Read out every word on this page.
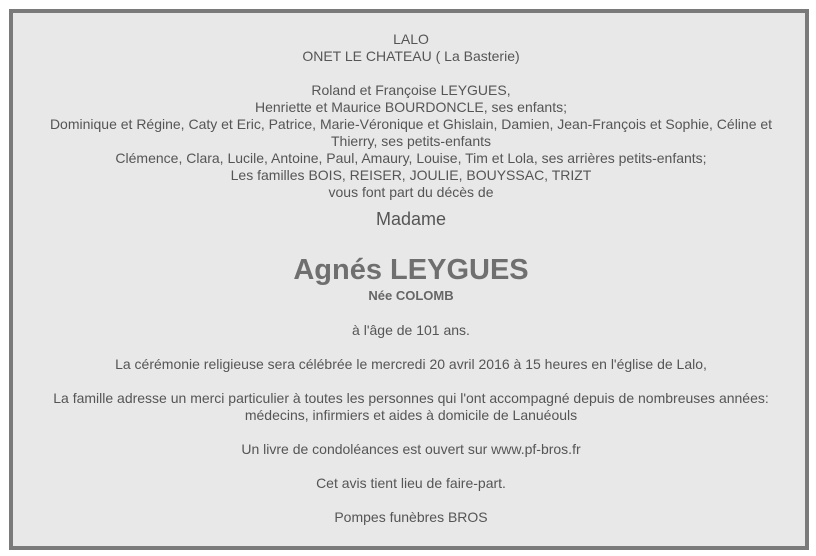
LALO
ONET LE CHATEAU ( La Basterie)
Roland et Françoise LEYGUES,
Henriette et Maurice BOURDONCLE, ses enfants;
Dominique et Régine, Caty et Eric, Patrice, Marie-Véronique et Ghislain, Damien, Jean-François et Sophie, Céline et
Thierry, ses petits-enfants
Clémence, Clara, Lucile, Antoine, Paul, Amaury, Louise, Tim et Lola, ses arrières petits-enfants;
Les familles BOIS, REISER, JOULIE, BOUYSSAC, TRIZT
vous font part du décès de
Madame
Agnés LEYGUES
Née COLOMB
à l'âge de 101 ans.
La cérémonie religieuse sera célébrée le mercredi 20 avril 2016 à 15 heures en l'église de Lalo,
La famille adresse un merci particulier à toutes les personnes qui l'ont accompagné depuis de nombreuses années:
médecins, infirmiers et aides à domicile de Lanuéouls
Un livre de condoléances est ouvert sur www.pf-bros.fr
Cet avis tient lieu de faire-part.
Pompes funèbres BROS
